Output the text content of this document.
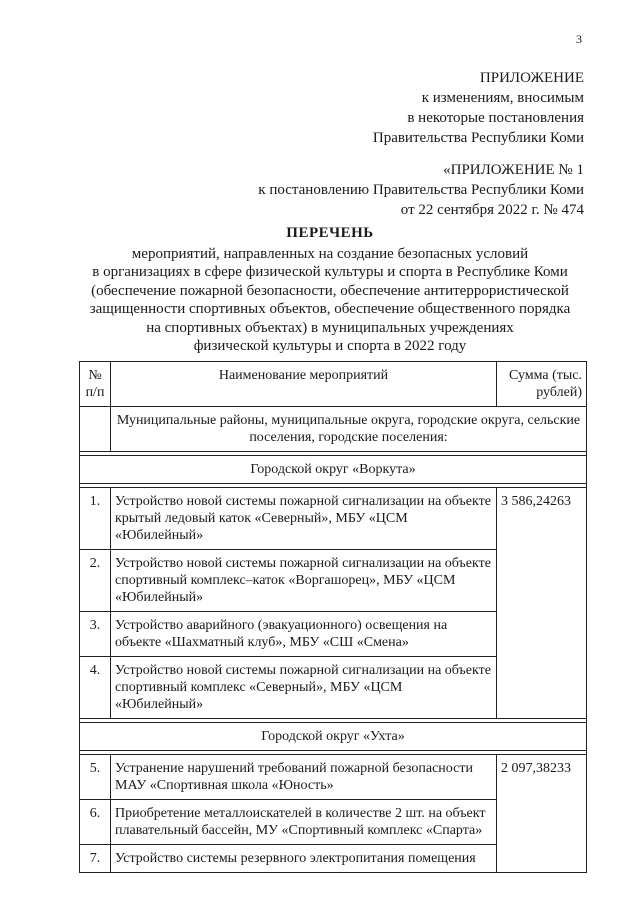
3
ПРИЛОЖЕНИЕ
к изменениям, вносимым
в некоторые постановления
Правительства Республики Коми
«ПРИЛОЖЕНИЕ № 1
к постановлению Правительства Республики Коми
от 22 сентября 2022 г. № 474
ПЕРЕЧЕНЬ
мероприятий, направленных на создание безопасных условий
в организациях в сфере физической культуры и спорта в Республике Коми
(обеспечение пожарной безопасности, обеспечение антитеррористической
защищенности спортивных объектов, обеспечение общественного порядка
на спортивных объектах) в муниципальных учреждениях
физической культуры и спорта в 2022 году
№ п/п	Наименование мероприятий	Сумма (тыс. рублей)
	Муниципальные районы, муниципальные округа, городские округа, сельские поселения, городские поселения:	

Городской округ «Воркута»		

1.	Устройство новой системы пожарной сигнализации на объекте крытый ледовый каток «Северный», МБУ «ЦСМ «Юбилейный»	3 586,24263
2.	Устройство новой системы пожарной сигнализации на объекте спортивный комплекс–каток «Воргашорец», МБУ «ЦСМ «Юбилейный»	
3.	Устройство аварийного (эвакуационного) освещения на объекте «Шахматный клуб», МБУ «СШ «Смена»	
4.	Устройство новой системы пожарной сигнализации на объекте спортивный комплекс «Северный», МБУ «ЦСМ «Юбилейный»	

Городской округ «Ухта»		

5.	Устранение нарушений требований пожарной безопасности МАУ «Спортивная школа «Юность»	2 097,38233
6.	Приобретение металлоискателей в количестве 2 шт. на объект плавательный бассейн, МУ «Спортивный комплекс «Спарта»	
7.	Устройство системы резервного электропитания помещения	
